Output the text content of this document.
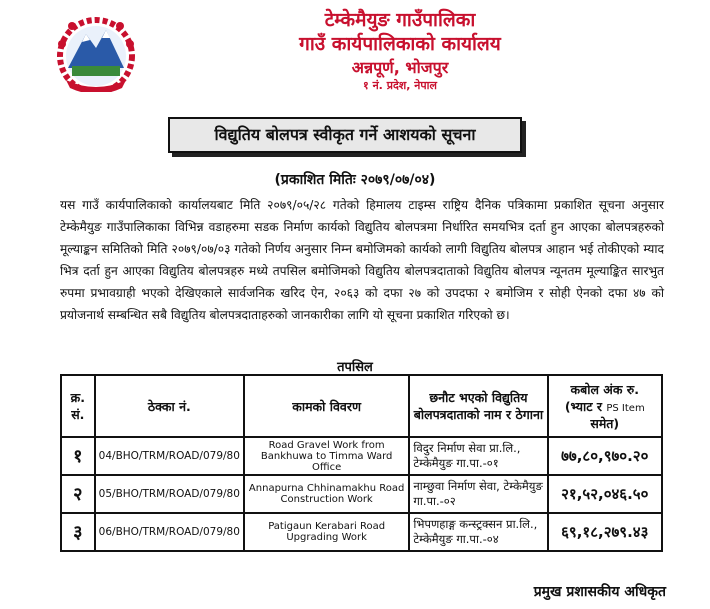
टेम्केमैयुङ गाउँपालिका
गाउँ कार्यपालिकाको कार्यालय
अन्नपूर्ण, भोजपुर
१ नं. प्रदेश, नेपाल
विद्युतिय बोलपत्र स्वीकृत गर्ने आशयको सूचना
(प्रकाशित मितिः २०७९/०७/०४)
यस गाउँ कार्यपालिकाको कार्यालयबाट मिति २०७९/०५/२८ गतेको हिमालय टाइम्स राष्ट्रिय दैनिक पत्रिकामा प्रकाशित सूचना अनुसार टेम्केमैयुङ गाउँपालिकाका विभिन्न वडाहरुमा सडक निर्माण कार्यको विद्युतिय बोलपत्रमा निर्धारित समयभित्र दर्ता हुन आएका बोलपत्रहरुको मूल्याङ्कन समितिको मिति २०७९/०७/०३ गतेको निर्णय अनुसार निम्न बमोजिमको कार्यको लागी विद्युतिय बोलपत्र आहान भई तोकीएको म्याद भित्र दर्ता हुन आएका विद्युतिय बोलपत्रहरु मध्ये तपसिल बमोजिमको विद्युतिय बोलपत्रदाताको विद्युतिय बोलपत्र न्यूनतम मूल्याङ्कित सारभुत रुपमा प्रभावग्राही भएको देखिएकाले सार्वजनिक खरिद ऐन, २०६३ को दफा २७ को उपदफा २ बमोजिम र सोही ऐनको दफा ४७ को प्रयोजनार्थ सम्बन्धित सबै विद्युतिय बोलपत्रदाताहरुको जानकारीका लागि यो सूचना प्रकाशित गरिएको छ।
तपसिल
क्र. सं.	ठेक्का नं.	कामको विवरण	छनौट भएको विद्युतिय बोलपत्रदाताको नाम र ठेगाना	कबोल अंक रु.
(भ्याट र PS Item
समेत)
१	04/BHO/TRM/ROAD/079/80	Road Gravel Work from Bankhuwa to Timma Ward Office	विदुर निर्माण सेवा प्रा.लि., टेम्केमैयुङ गा.पा.-०१	७७,८०,९७०.२०
२	05/BHO/TRM/ROAD/079/80	Annapurna Chhinamakhu Road Construction Work	नाम्छुवा निर्माण सेवा, टेम्केमैयुङ गा.पा.-०२	२१,५२,०४६.५०
३	06/BHO/TRM/ROAD/079/80	Patigaun Kerabari Road Upgrading Work	भिपणहाङ्ग कन्स्ट्रक्सन प्रा.लि., टेम्केमैयुङ गा.पा.-०४	६९,१८,२७९.४३
प्रमुख प्रशासकीय अधिकृत
